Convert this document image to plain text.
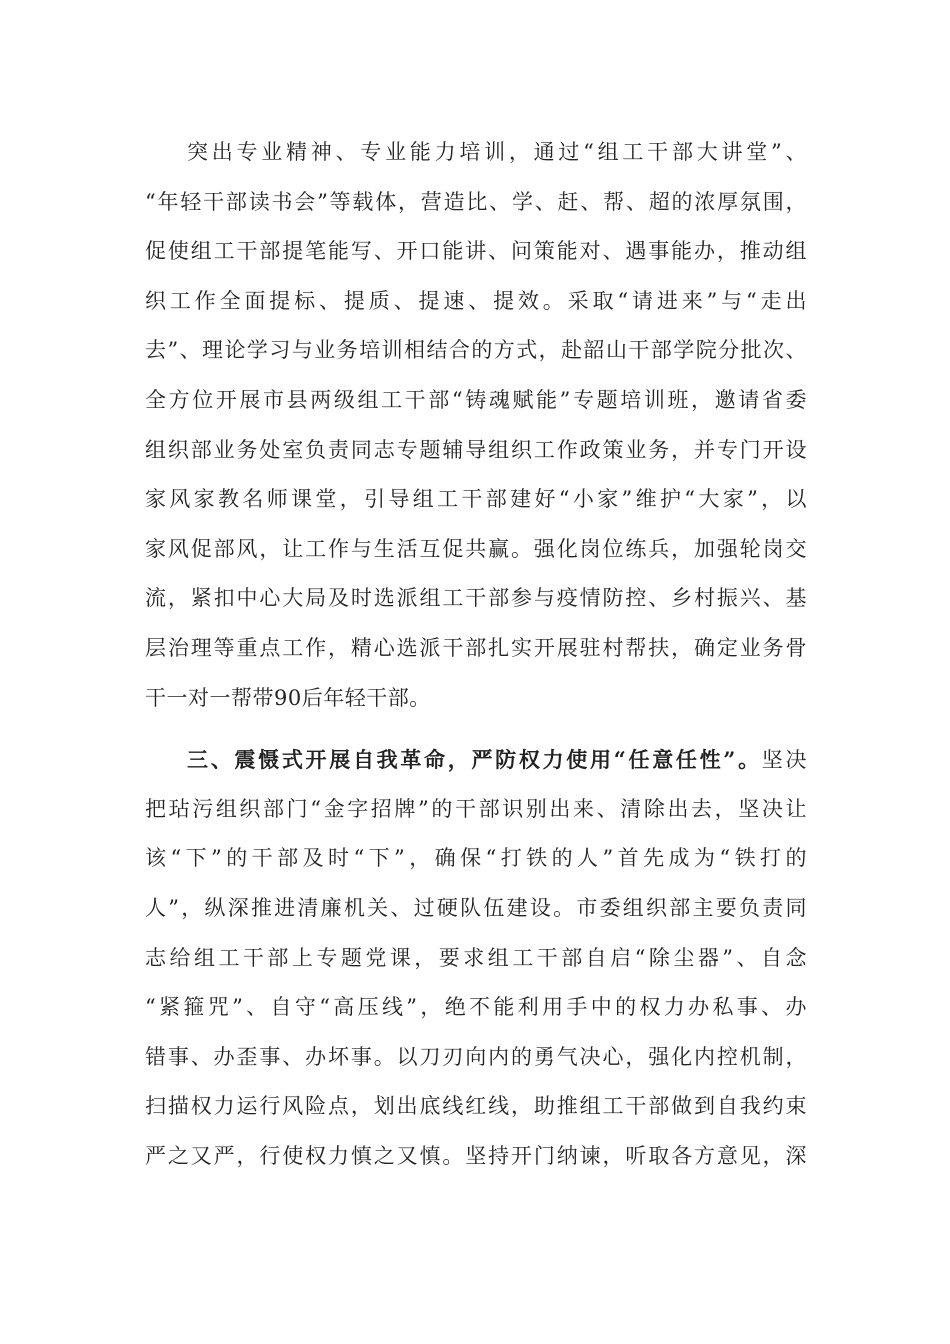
突出专业精神、专业能力培训，通过“组工干部大讲堂”、
“年轻干部读书会”等载体，营造比、学、赶、帮、超的浓厚氛围，
促使组工干部提笔能写、开口能讲、问策能对、遇事能办，推动组
织工作全面提标、提质、提速、提效。采取“请进来”与“走出
去”、理论学习与业务培训相结合的方式，赴韶山干部学院分批次、
全方位开展市县两级组工干部“铸魂赋能”专题培训班，邀请省委
组织部业务处室负责同志专题辅导组织工作政策业务，并专门开设
家风家教名师课堂，引导组工干部建好“小家”维护“大家”，以
家风促部风，让工作与生活互促共赢。强化岗位练兵，加强轮岗交
流，紧扣中心大局及时选派组工干部参与疫情防控、乡村振兴、基
层治理等重点工作，精心选派干部扎实开展驻村帮扶，确定业务骨
干一对一帮带90后年轻干部。
三、震慑式开展自我革命，严防权力使用“任意任性”。坚决
把玷污组织部门“金字招牌”的干部识别出来、清除出去，坚决让
该“下”的干部及时“下”，确保“打铁的人”首先成为“铁打的
人”，纵深推进清廉机关、过硬队伍建设。市委组织部主要负责同
志给组工干部上专题党课，要求组工干部自启“除尘器”、自念
“紧箍咒”、自守“高压线”，绝不能利用手中的权力办私事、办
错事、办歪事、办坏事。以刀刃向内的勇气决心，强化内控机制，
扫描权力运行风险点，划出底线红线，助推组工干部做到自我约束
严之又严，行使权力慎之又慎。坚持开门纳谏，听取各方意见，深
